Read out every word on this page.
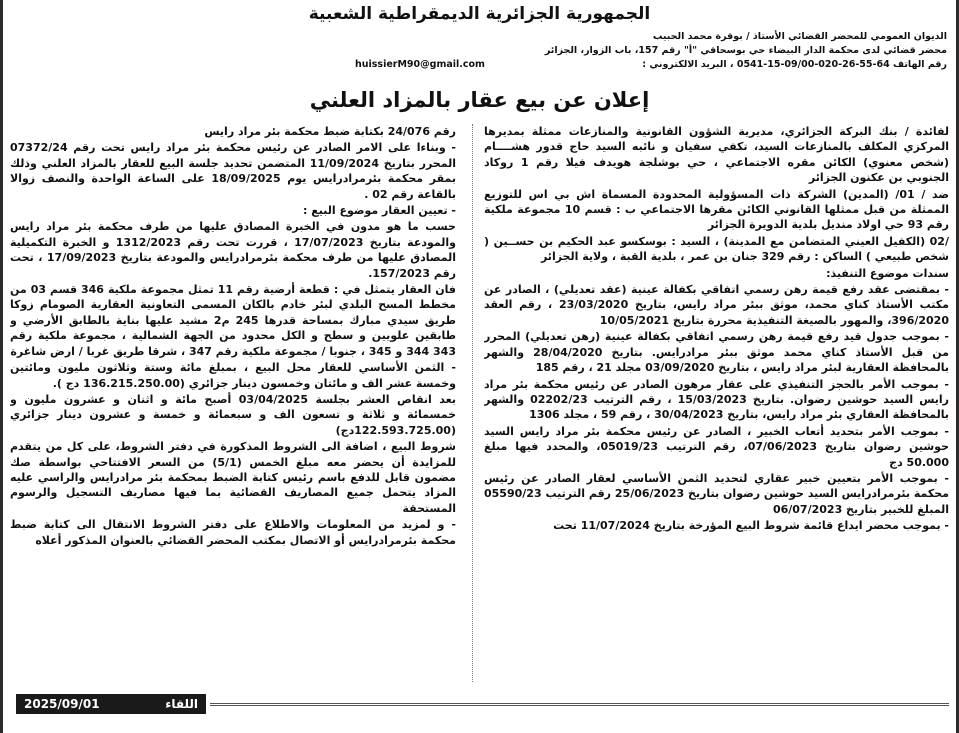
الجمهورية الجزائرية الديمقراطية الشعبية
الديوان العمومي للمحضر القضائي الأستاذ / بوقرة محمد الحبيب
محضر قضائي لدى محكمة الدار البيضاء حي بوسحاقي "أ" رقم 157، باب الزوار، الجزائر
رقم الهاتف 64-55-26-020-09/00-15-0541 ، البريد الالكتروني :
huissierM90@gmail.com
إعلان عن بيع عقار بالمزاد العلني

لفائدة / بنك البركة الجزائري، مديرية الشؤون القانونية والمنازعات ممثلة بمديرها المركزي المكلف بالمنازعات السيد، تكفي سفيان و نائبه السيد حاج قدور هشــــام (شخص معنوي) الكائن مقره الاجتماعي ، حي بوشلجة هويدف فيلا رقم 1 روكاد الجنوبي بن عكنون الجزائر

ضد / 01/ (المدين) الشركة ذات المسؤولية المحدودة المسماة اش بي اس للتوزيع الممثلة من قبل ممثلها القانوني الكائن مقرها الاجتماعي ب : قسم 10 مجموعة ملكية رقم 93 حي اولاد منديل بلدية الدويرة الجزائر

/02 (الكفيل العيني المتضامن مع المدينة) ، السيد : بوسكسو عبد الحكيم بن حســين ( شخص طبيعي ) الساكن : رقم 329 جنان بن عمر ، بلدية القبة ، ولاية الجزائر

سندات موضوع التنفيذ:

- بمقتضى عقد رفع قيمة رهن رسمي اتفاقي بكفالة عينية (عقد تعديلي) ، الصادر عن مكتب الأستاذ كناي محمد، موثق ببئر مراد رايس، بتاريخ 23/03/2020 ، رقم العقد 396/2020، والمهور بالصيغة التنفيذية محررة بتاريخ 10/05/2021

- بموجب جدول قيد رفع قيمة رهن رسمي اتفاقي بكفالة عينية (رهن تعديلي) المحرر من قبل الأستاذ كناي محمد موثق ببئر مرادرايس. بتاريخ 28/04/2020 والشهر بالمحافظة العقارية لبئر مراد رايس ، بتاريخ 03/09/2020 مجلد 21 ، رقم 185

- بموجب الأمر بالحجز التنفيذي على عقار مرهون الصادر عن رئيس محكمة بئر مراد رايس السيد حوشين رضوان. بتاريخ 15/03/2023 ، رقم الترتيب 02202/23 والشهر بالمحافظة العقاري بئر مراد رايس، بتاريخ 30/04/2023 ، رقم 59 ، مجلد 1306

- بموجب الأمر بتحديد أتعاب الخبير ، الصادر عن رئيس محكمة بئر مراد رايس السيد حوشين رضوان بتاريخ 07/06/2023، رقم الترتيب 05019/23، والمحدد فيها مبلغ 50.000 دج

- بموجب الأمر بتعيين خبير عقاري لتحديد الثمن الأساسي لعقار الصادر عن رئيس محكمة بئرمرادرايس السيد حوشين رضوان بتاريخ 25/06/2023 رقم الترتيب 05590/23 المبلغ للخبير بتاريخ 06/07/2023

- بموجب محضر ايداع قائمة شروط البيع المؤرخة بتاريخ 11/07/2024 تحت

رقم 24/076 بكتابة ضبط محكمة بئر مراد رايس

- وبناءا على الامر الصادر عن رئيس محكمة بئر مراد رايس تحت رقم 07372/24 المحرر بتاريخ 11/09/2024 المتضمن تحديد جلسة البيع للعقار بالمزاد العلني وذلك بمقر محكمة بئرمرادرايس يوم 18/09/2025 على الساعة الواحدة والنصف زوالا بالقاعة رقم 02 .

- تعيين العقار موضوع البيع :

حسب ما هو مدون في الخبرة المصادق عليها من طرف محكمة بئر مراد رايس والمودعة بتاريخ 17/07/2023 ، قررت تحت رقم 1312/2023 و الخبرة التكميلية المصادق عليها من طرف محكمة بئرمرادرايس والمودعة بتاريخ 17/09/2023 ، تحت رقم 157/2023.

فان العقار يتمثل في : قطعة أرضية رقم 11 تمثل مجموعة ملكية 346 قسم 03 من مخطط المسح البلدي لبئر خادم بالكان المسمى التعاونية العقارية الصومام زوكا طريق سيدي مبارك بمساحة قدرها 245 م2 مشيد عليها بناية بالطابق الأرضي و طابقين علويين و سطح و الكل محدود من الجهة الشمالية ، مجموعة ملكية رقم 343 344 و 345 ، جنوبا / مجموعة ملكية رقم 347 ، شرقا طريق غربا / ارض شاغرة

- الثمن الأساسي للعقار محل البيع ، بمبلغ مائة وستة وثلاثون مليون ومائتين وخمسة عشر الف و مائتان وخمسون دينار جزائري (136.215.250.00 دج ).

بعد انقاص العشر بجلسة 03/04/2025 أصبح مائة و اثنان و عشرون مليون و خمسمائة و ثلاثة و تسعون الف و سبعمائة و خمسة و عشرون دينار جزائري (122.593.725.00دج)

شروط البيع ، اضافة الى الشروط المذكورة في دفتر الشروط، على كل من يتقدم للمزايدة أن يحضر معه مبلغ الخمس (5/1) من السعر الافتتاحي بواسطة صك مضمون قابل للدفع باسم رئيس كتابة الضبط بمحكمة بئر مرادرايس والراسي عليه المزاد يتحمل جميع المصاريف القضائية بما فيها مصاريف التسجيل والرسوم المستحقة

- و لمزيد من المعلومات والاطلاع على دفتر الشروط الانتقال الى كتابة ضبط محكمة بئرمرادرايس أو الاتصال بمكتب المحضر القضائي بالعنوان المذكور أعلاه

2025/09/01	اللقاء
